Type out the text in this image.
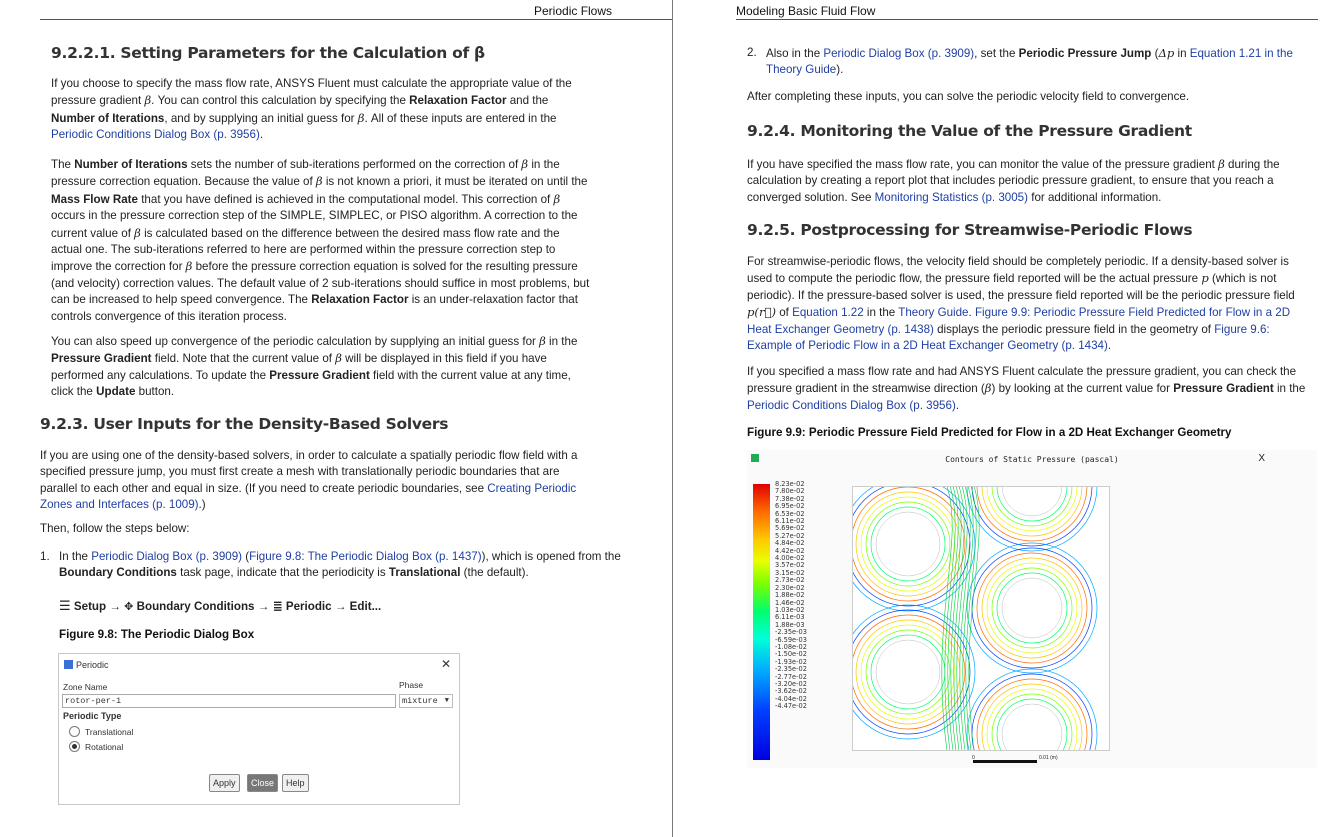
Periodic Flows
9.2.2.1. Setting Parameters for the Calculation of β

If you choose to specify the mass flow rate, ANSYS Fluent must calculate the appropriate value of the pressure gradient β. You can control this calculation by specifying the Relaxation Factor and the Number of Iterations, and by supplying an initial guess for β. All of these inputs are entered in the Periodic Conditions Dialog Box (p. 3956).

The Number of Iterations sets the number of sub-iterations performed on the correction of β in the pressure correction equation. Because the value of β is not known a priori, it must be iterated on until the Mass Flow Rate that you have defined is achieved in the computational model. This correction of β occurs in the pressure correction step of the SIMPLE, SIMPLEC, or PISO algorithm. A correction to the current value of β is calculated based on the difference between the desired mass flow rate and the actual one. The sub-iterations referred to here are performed within the pressure correction step to improve the correction for β before the pressure correction equation is solved for the resulting pressure (and velocity) correction values. The default value of 2 sub-iterations should suffice in most problems, but can be increased to help speed convergence. The Relaxation Factor is an under-relaxation factor that controls convergence of this iteration process.

You can also speed up convergence of the periodic calculation by supplying an initial guess for β in the Pressure Gradient field. Note that the current value of β will be displayed in this field if you have performed any calculations. To update the Pressure Gradient field with the current value at any time, click the Update button.

9.2.3. User Inputs for the Density-Based Solvers

If you are using one of the density-based solvers, in order to calculate a spatially periodic flow field with a specified pressure jump, you must first create a mesh with translationally periodic boundaries that are parallel to each other and equal in size. (If you need to create periodic boundaries, see Creating Periodic Zones and Interfaces (p. 1009).)

Then, follow the steps below:

1. In the Periodic Dialog Box (p. 3909) (Figure 9.8: The Periodic Dialog Box (p. 1437)), which is opened from the Boundary Conditions task page, indicate that the periodicity is Translational (the default).
☰ Setup → ✥ Boundary Conditions → ≣ Periodic → Edit...
Figure 9.8: The Periodic Dialog Box
Periodic	✕
Zone Name
rotor-per-1
Phase
mixture ▼
Periodic Type
Translational
Rotational
Apply	Close	Help
Modeling Basic Fluid Flow
2. Also in the Periodic Dialog Box (p. 3909), set the Periodic Pressure Jump (Δp in Equation 1.21 in the Theory Guide).

After completing these inputs, you can solve the periodic velocity field to convergence.

9.2.4. Monitoring the Value of the Pressure Gradient

If you have specified the mass flow rate, you can monitor the value of the pressure gradient β during the calculation by creating a report plot that includes periodic pressure gradient, to ensure that you reach a converged solution. See Monitoring Statistics (p. 3005) for additional information.

9.2.5. Postprocessing for Streamwise-Periodic Flows

For streamwise-periodic flows, the velocity field should be completely periodic. If a density-based solver is used to compute the periodic flow, the pressure field reported will be the actual pressure p (which is not periodic). If the pressure-based solver is used, the pressure field reported will be the periodic pressure field p(r⃗) of Equation 1.22 in the Theory Guide. Figure 9.9: Periodic Pressure Field Predicted for Flow in a 2D Heat Exchanger Geometry (p. 1438) displays the periodic pressure field in the geometry of Figure 9.6: Example of Periodic Flow in a 2D Heat Exchanger Geometry (p. 1434).

If you specified a mass flow rate and had ANSYS Fluent calculate the pressure gradient, you can check the pressure gradient in the streamwise direction (β) by looking at the current value for Pressure Gradient in the Periodic Conditions Dialog Box (p. 3956).

Figure 9.9: Periodic Pressure Field Predicted for Flow in a 2D Heat Exchanger Geometry
Contours of Static Pressure (pascal)	X
8.23e-02
7.80e-02
7.38e-02
6.95e-02
6.53e-02
6.11e-02
5.69e-02
5.27e-02
4.84e-02
4.42e-02
4.00e-02
3.57e-02
3.15e-02
2.73e-02
2.30e-02
1.88e-02
1.46e-02
1.03e-02
6.11e-03
1.88e-03
-2.35e-03
-6.59e-03
-1.08e-02
-1.50e-02
-1.93e-02
-2.35e-02
-2.77e-02
-3.20e-02
-3.62e-02
-4.04e-02
-4.47e-02
0	0.01 (m)
